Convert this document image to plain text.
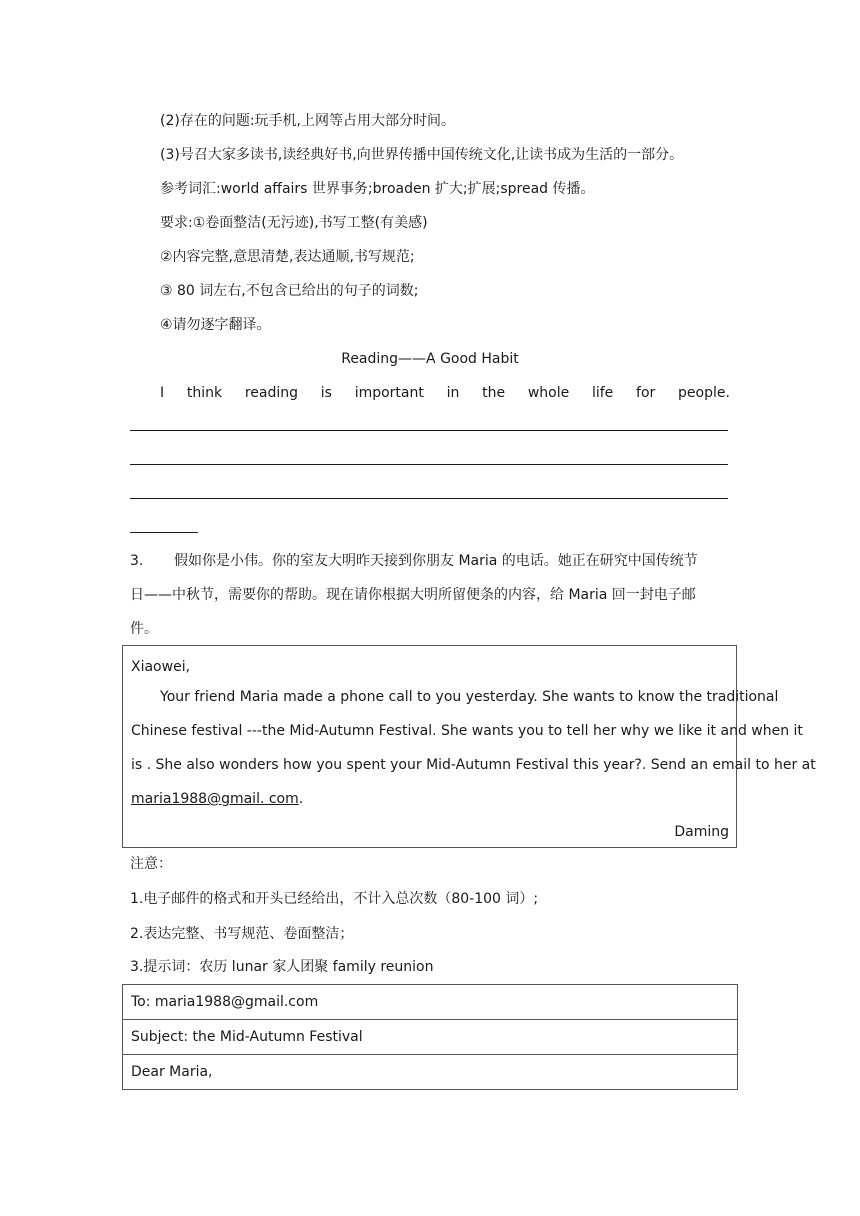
(2)存在的问题:玩手机,上网等占用大部分时间。
(3)号召大家多读书,读经典好书,向世界传播中国传统文化,让读书成为生活的一部分。
参考词汇:world affairs 世界事务;broaden 扩大;扩展;spread 传播。
要求:①卷面整洁(无污迹),书写工整(有美感)
②内容完整,意思清楚,表达通顺,书写规范;
③ 80 词左右,不包含已给出的句子的词数;
④请勿逐字翻译。
Reading——A Good Habit
I think reading is important in the whole life for people.
3. 假如你是小伟。你的室友大明昨天接到你朋友 Maria 的电话。她正在研究中国传统节
日——中秋节，需要你的帮助。现在请你根据大明所留便条的内容，给 Maria 回一封电子邮
件。
Xiaowei,
Your friend Maria made a phone call to you yesterday. She wants to know the traditional
Chinese festival ---the Mid-Autumn Festival. She wants you to tell her why we like it and when it
is . She also wonders how you spent your Mid-Autumn Festival this year?. Send an email to her at
maria1988@gmail. com.
Daming
注意：
1.电子邮件的格式和开头已经给出，不计入总次数（80-100 词）;
2.表达完整、书写规范、卷面整洁；
3.提示词：农历 lunar 家人团聚 family reunion
To: maria1988@gmail.com
Subject: the Mid-Autumn Festival
Dear Maria,
